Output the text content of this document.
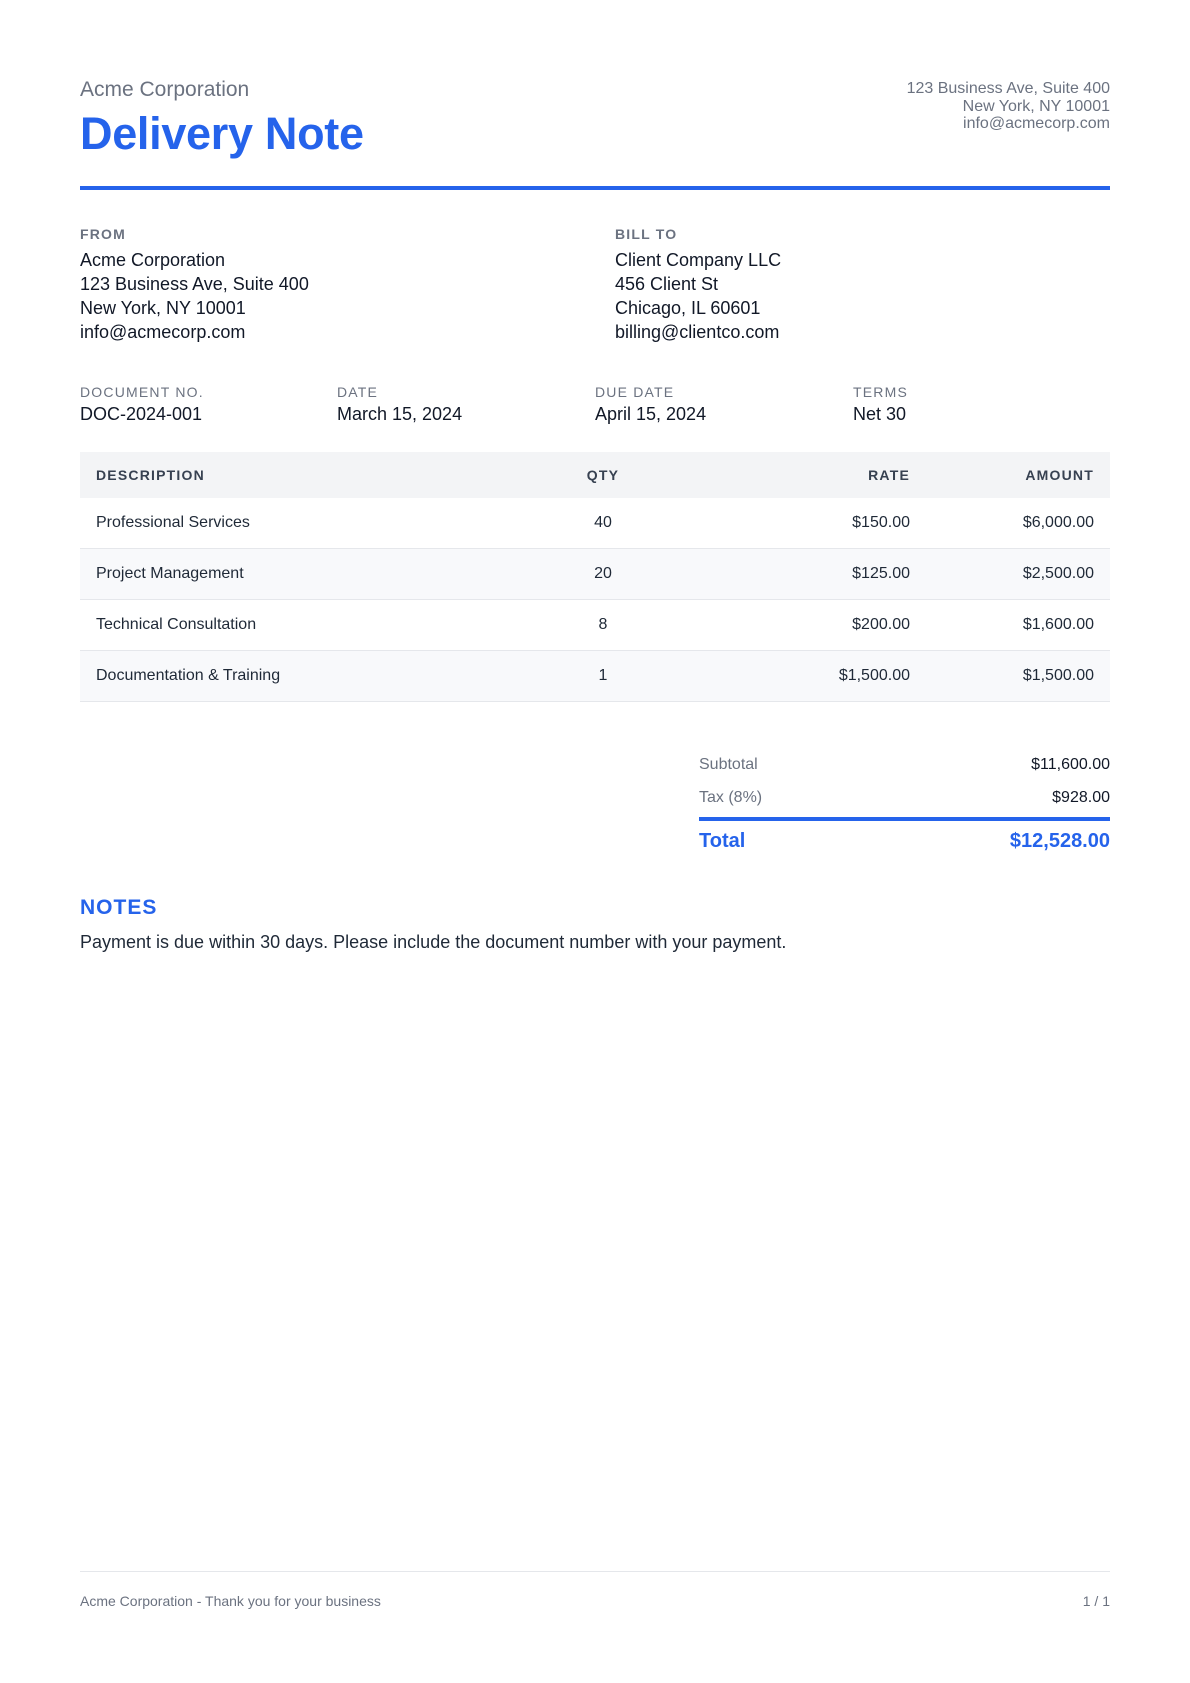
Acme Corporation
Delivery Note
123 Business Ave, Suite 400
New York, NY 10001
info@acmecorp.com
FROM
Acme Corporation
123 Business Ave, Suite 400
New York, NY 10001
info@acmecorp.com
BILL TO
Client Company LLC
456 Client St
Chicago, IL 60601
billing@clientco.com
DOCUMENT NO.
DOC-2024-001
DATE
March 15, 2024
DUE DATE
April 15, 2024
TERMS
Net 30
DESCRIPTION	QTY	RATE	AMOUNT
Professional Services	40	$150.00	$6,000.00
Project Management	20	$125.00	$2,500.00
Technical Consultation	8	$200.00	$1,600.00
Documentation & Training	1	$1,500.00	$1,500.00
Subtotal	$11,600.00
Tax (8%)	$928.00
Total	$12,528.00
NOTES
Payment is due within 30 days. Please include the document number with your payment.
Acme Corporation - Thank you for your business	1 / 1
